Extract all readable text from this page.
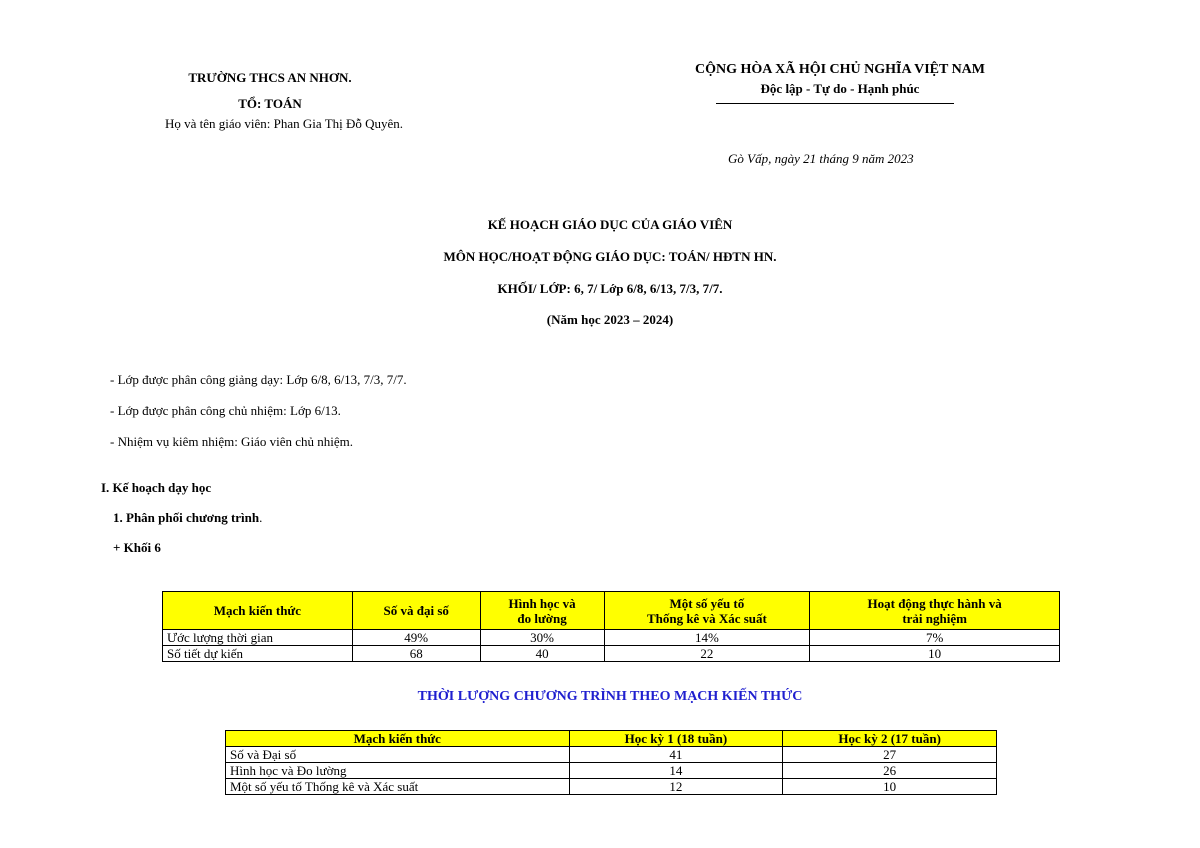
TRƯỜNG THCS AN NHƠN.
TỔ: TOÁN
Họ và tên giáo viên: Phan Gia Thị Đỗ Quyên.
CỘNG HÒA XÃ HỘI CHỦ NGHĨA VIỆT NAM
Độc lập - Tự do - Hạnh phúc
Gò Vấp, ngày 21 tháng 9 năm 2023
KẾ HOẠCH GIÁO DỤC CỦA GIÁO VIÊN
MÔN HỌC/HOẠT ĐỘNG GIÁO DỤC: TOÁN/ HĐTN HN.
KHỐI/ LỚP: 6, 7/ Lớp 6/8, 6/13, 7/3, 7/7.
(Năm học 2023 – 2024)
- Lớp được phân công giảng dạy: Lớp 6/8, 6/13, 7/3, 7/7.
- Lớp được phân công chủ nhiệm: Lớp 6/13.
- Nhiệm vụ kiêm nhiệm: Giáo viên chủ nhiệm.
I. Kế hoạch dạy học
1. Phân phối chương trình.
+ Khối 6
Mạch kiến thức	Số và đại số	Hình học và
đo lường	Một số yếu tố
Thống kê và Xác suất	Hoạt động thực hành và
trải nghiệm
Ước lượng thời gian	49%	30%	14%	7%
Số tiết dự kiến	68	40	22	10
THỜI LƯỢNG CHƯƠNG TRÌNH THEO MẠCH KIẾN THỨC
Mạch kiến thức	Học kỳ 1 (18 tuần)	Học kỳ 2 (17 tuần)
Số và Đại số	41	27
Hình học và Đo lường	14	26
Một số yếu tố Thống kê và Xác suất	12	10
